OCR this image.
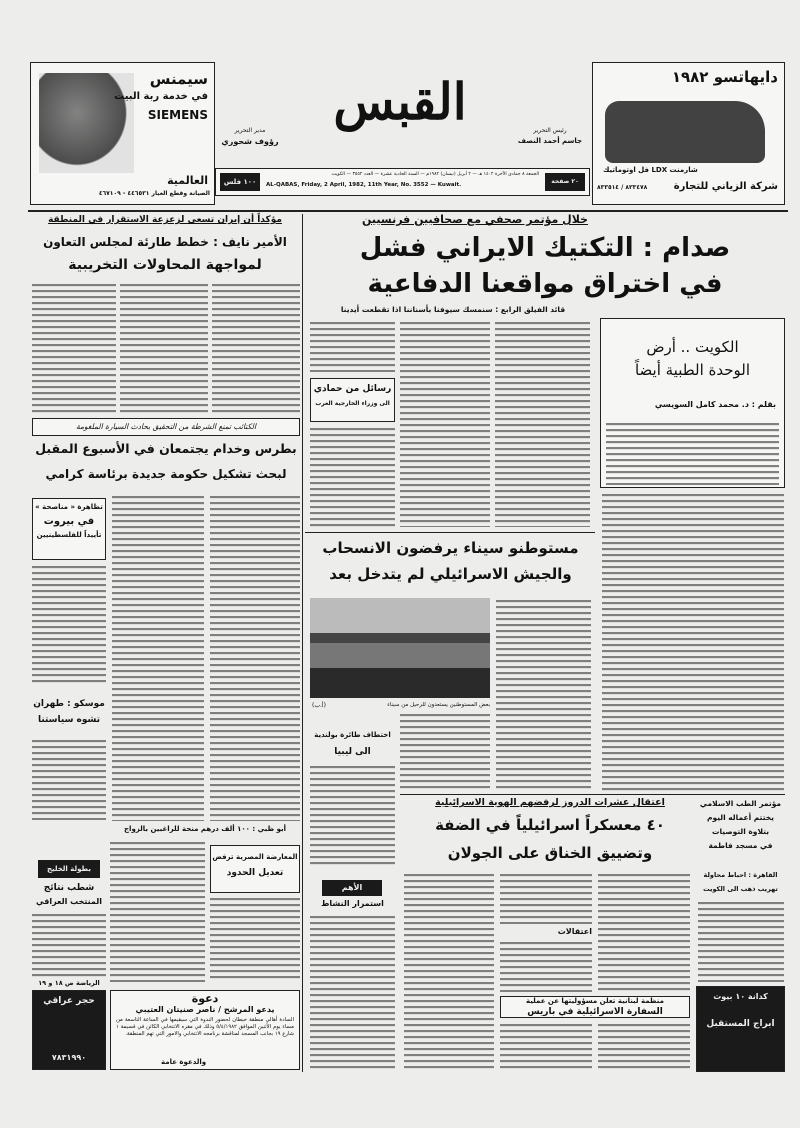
سيمنس
في خدمة ربة البيت
SIEMENS
العالمية
الصيانة وقطع الغيار ٤٤٦٥٣١ - ٤٦٧١٠٩
مدير التحرير
رؤوف شحوري
القبس	رئيس التحرير
جاسم أحمد النصف
١٠٠ فلس	٢٠ صفحة
الجمعة ٨ جمادى الآخرة ١٤٠٢ هـ — ٢ أبريل (نيسان) ١٩٨٢م — السنة الحادية عشرة — العدد ٣٥٥٢ — الكويت
AL-QABAS, Friday, 2 April, 1982, 11th Year, No. 3552 — Kuwait.
دايهاتسو ١٩٨٢
شارمنت LDX فل اوتوماتيك
شركة الزياني للتجارة
٨٣٣٤٧٨ / ٨٣٣٥١٤
خلال مؤتمر صحفي مع صحافيين فرنسيين
صدام : التكتيك الايراني فشل
في اختراق مواقعنا الدفاعية
قائد الفيلق الرابع : سنمسك سيوفنا بأسناننا اذا تقطعت أيدينا
رسائل من حمادي
الى وزراء الخارجية العرب
الكويت .. أرض
الوحدة الطبية أيضاً
بقلم : د. محمد كامل السويسي
مؤكداً أن إيران تسعى لزعزعة الاستقرار في المنطقة
الأمير نايف : خطط طارئة لمجلس التعاون
لمواجهة المحاولات التخريبية
الكتائب تمنع الشرطة من التحقيق بحادث السيارة الملغومة
بطرس وخدام يجتمعان في الأسبوع المقبل
لبحث تشكيل حكومة جديدة برئاسة كرامي
تظاهرة « مناصحة »
في بيروت
تأييداً للفلسطينيين
موسكو : طهران
تشوه سياستنا
بطولة الخليج
شطب نتائج
المنتخب العراقي
الرياضة ص ١٨ و ١٩
أبو ظبي : ١٠٠ ألف درهم منحة للراغبين بالزواج
المعارضة المصرية ترفض
تعديل الحدود
حجر عراقي
٧٨٣١٩٩٠
دعوة
يدعو المرشح / ناصر صنيتان العتيبي
السادة أهالي منطقة خيطان لحضور الندوة التي سيقيمها في الساعة التاسعة من مساء يوم الأثنين الموافق ٥/٤/١٩٨٢ وذلك في مقره الانتخابي الكائن في قسيمة ١ شارع ١٩ بجانب المسجد لمناقشة برنامجه الانتخابي والامور التي تهم المنطقة.
والدعوة عامة
مستوطنو سيناء يرفضون الانسحاب
والجيش الاسرائيلي لم يتدخل بعد
(أ.ب)	بعض المستوطنين يستعدون للرحيل من سيناء
اختطاف طائرة بولندية
الى ليبيا
الأهم
استمرار النشاط
اعتقال عشرات الدروز لرفضهم الهوية الاسرائيلية
٤٠ معسكراً اسرائيلياً في الضفة
وتضييق الخناق على الجولان
اعتقالات
مؤتمر الطب الاسلامي
يختتم أعماله اليوم
بتلاوة التوصيات
في مسجد فاطمة
القاهرة : احباط محاولة
تهريب ذهب الى الكويت
منظمة لبنانية تعلن مسؤوليتها عن عملية
السفارة الاسرائيلية في باريس
كدانة ١٠ بيوت
ابراج المستقبل
